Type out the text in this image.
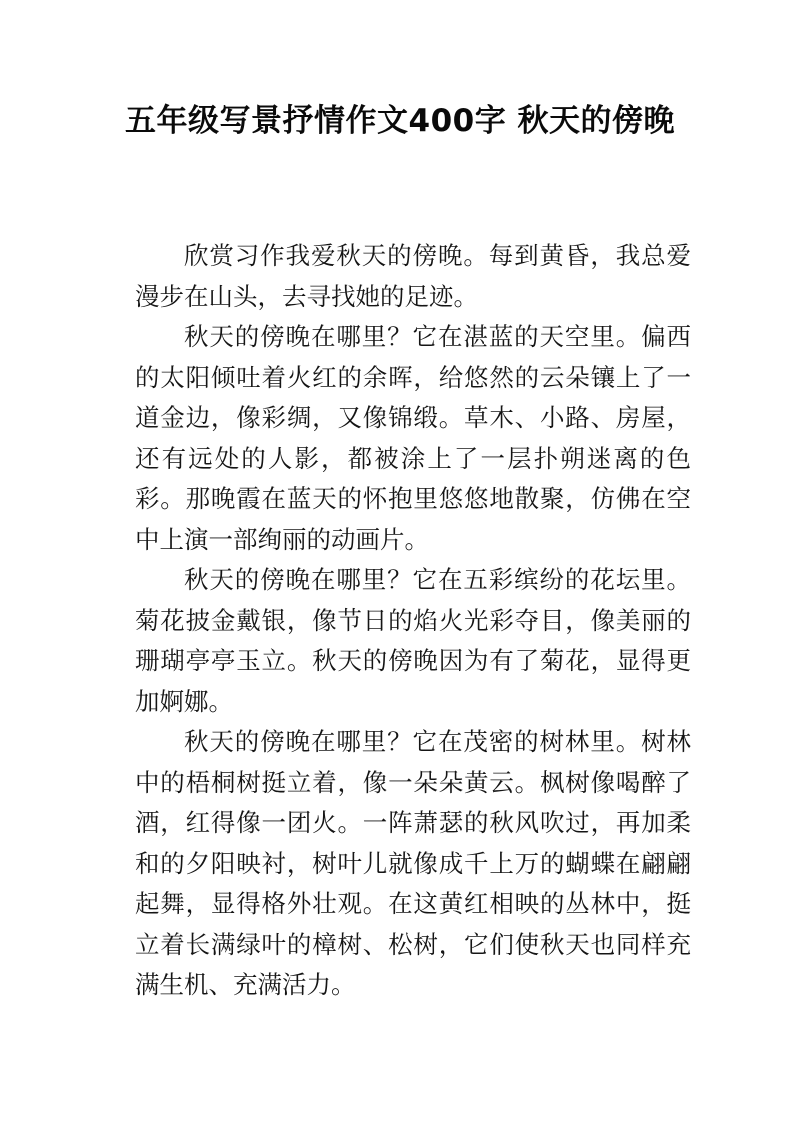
五年级写景抒情作文400字 秋天的傍晚

欣赏习作我爱秋天的傍晚。每到黄昏，我总爱漫步在山头，去寻找她的足迹。

秋天的傍晚在哪里？它在湛蓝的天空里。偏西的太阳倾吐着火红的余晖，给悠然的云朵镶上了一道金边，像彩绸，又像锦缎。草木、小路、房屋，还有远处的人影，都被涂上了一层扑朔迷离的色彩。那晚霞在蓝天的怀抱里悠悠地散聚，仿佛在空中上演一部绚丽的动画片。

秋天的傍晚在哪里？它在五彩缤纷的花坛里。菊花披金戴银，像节日的焰火光彩夺目，像美丽的珊瑚亭亭玉立。秋天的傍晚因为有了菊花，显得更加婀娜。

秋天的傍晚在哪里？它在茂密的树林里。树林中的梧桐树挺立着，像一朵朵黄云。枫树像喝醉了酒，红得像一团火。一阵萧瑟的秋风吹过，再加柔和的夕阳映衬，树叶儿就像成千上万的蝴蝶在翩翩起舞，显得格外壮观。在这黄红相映的丛林中，挺立着长满绿叶的樟树、松树，它们使秋天也同样充满生机、充满活力。
